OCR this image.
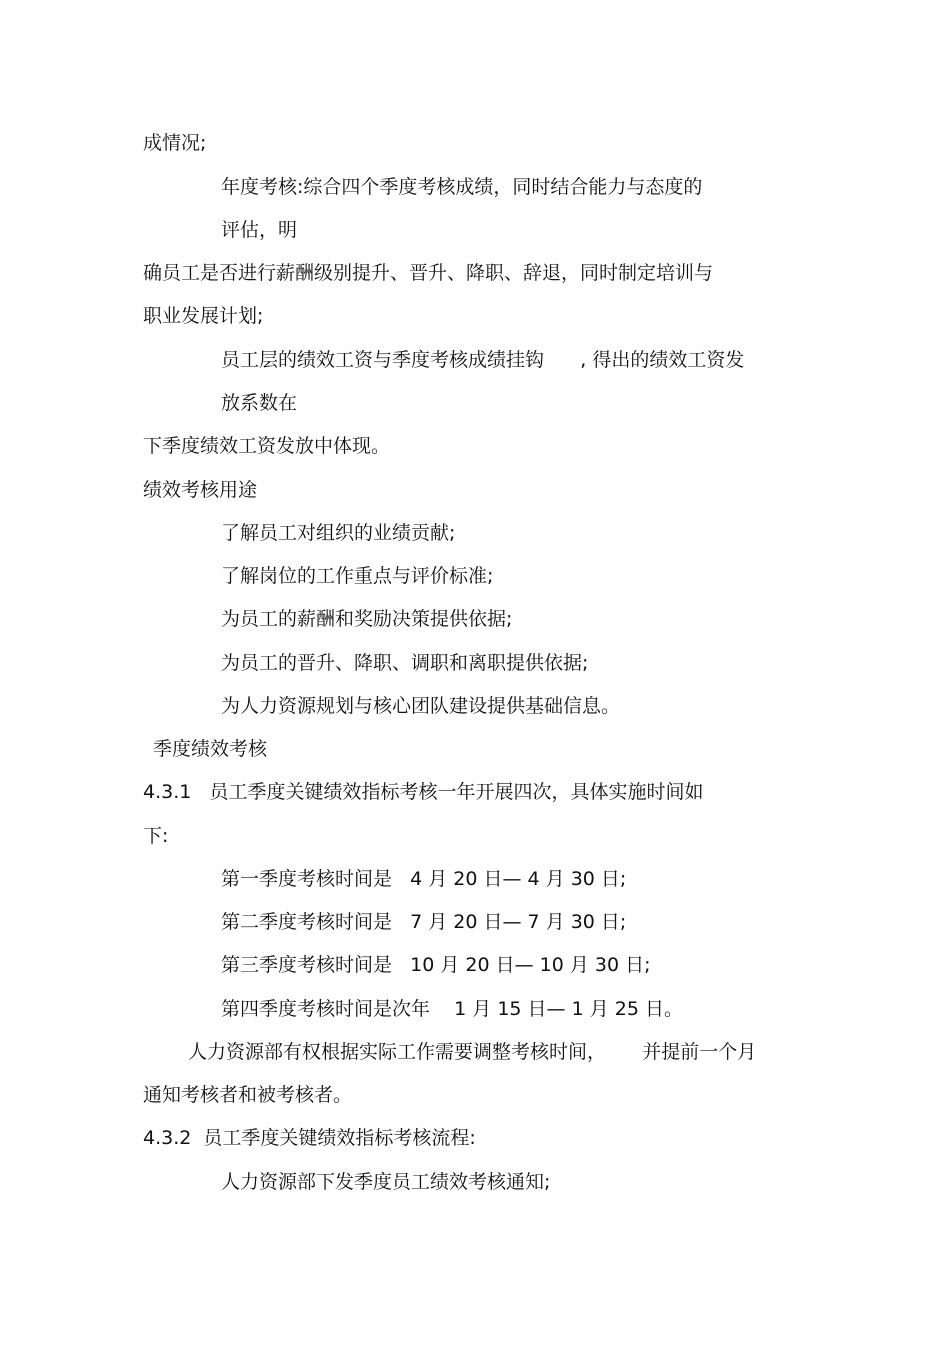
成情况;

年度考核:综合四个季度考核成绩，同时结合能力与态度的

评估，明

确员工是否进行薪酬级别提升、晋升、降职、辞退，同时制定培训与

职业发展计划;

员工层的绩效工资与季度考核成绩挂钩      , 得出的绩效工资发

放系数在

下季度绩效工资发放中体现。

绩效考核用途

了解员工对组织的业绩贡献;

了解岗位的工作重点与评价标准;

为员工的薪酬和奖励决策提供依据;

为员工的晋升、降职、调职和离职提供依据;

为人力资源规划与核心团队建设提供基础信息。

季度绩效考核

4.3.1   员工季度关键绩效指标考核一年开展四次，具体实施时间如

下:

第一季度考核时间是   4 月 20 日— 4 月 30 日;

第二季度考核时间是   7 月 20 日— 7 月 30 日;

第三季度考核时间是   10 月 20 日— 10 月 30 日;

第四季度考核时间是次年    1 月 15 日— 1 月 25 日。

人力资源部有权根据实际工作需要调整考核时间，      并提前一个月

通知考核者和被考核者。

4.3.2  员工季度关键绩效指标考核流程:

人力资源部下发季度员工绩效考核通知;
